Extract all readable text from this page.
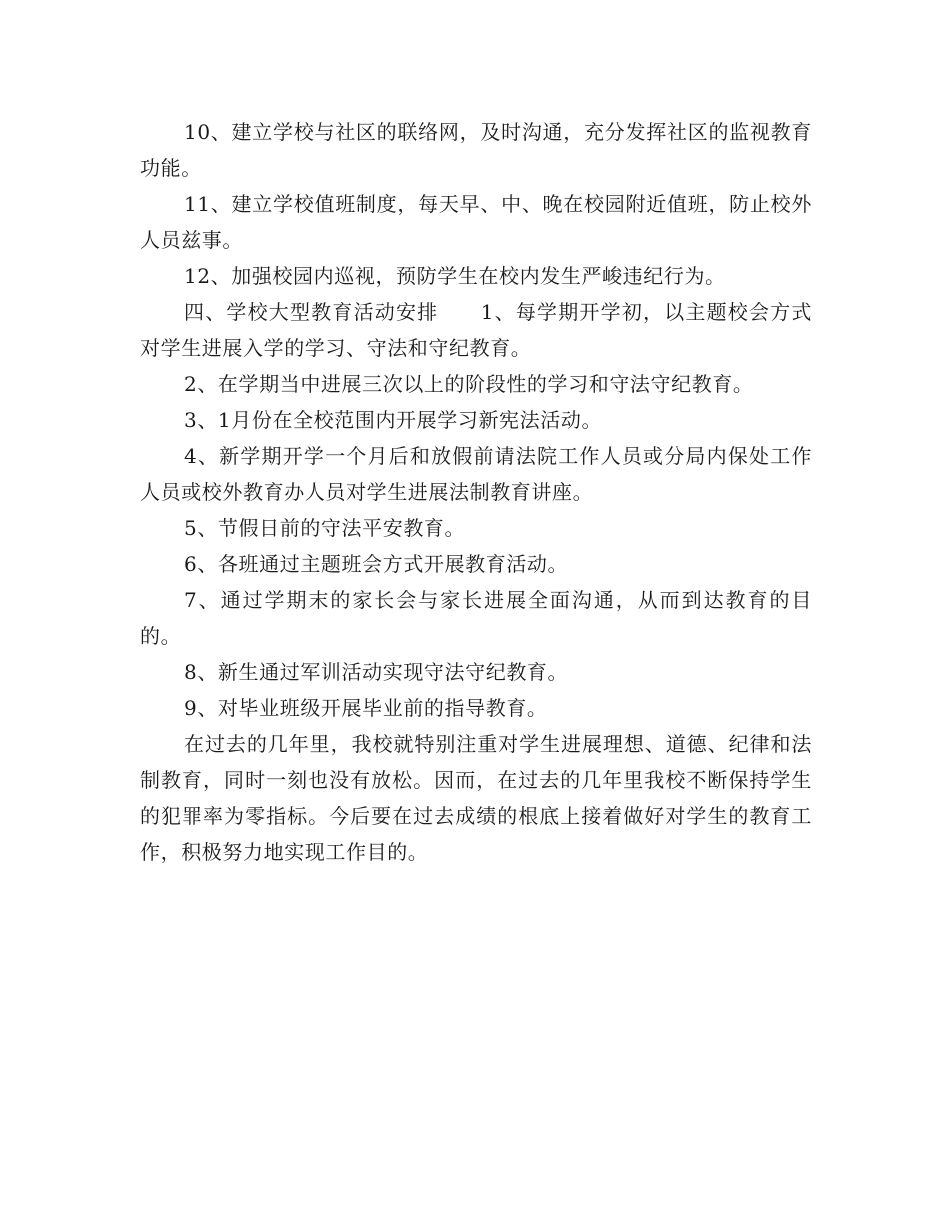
10、建立学校与社区的联络网，及时沟通，充分发挥社区的监视教育功能。

11、建立学校值班制度，每天早、中、晚在校园附近值班，防止校外人员兹事。

12、加强校园内巡视，预防学生在校内发生严峻违纪行为。

四、学校大型教育活动安排　　1、每学期开学初，以主题校会方式对学生进展入学的学习、守法和守纪教育。

2、在学期当中进展三次以上的阶段性的学习和守法守纪教育。

3、1月份在全校范围内开展学习新宪法活动。

4、新学期开学一个月后和放假前请法院工作人员或分局内保处工作人员或校外教育办人员对学生进展法制教育讲座。

5、节假日前的守法平安教育。

6、各班通过主题班会方式开展教育活动。

7、通过学期末的家长会与家长进展全面沟通，从而到达教育的目的。

8、新生通过军训活动实现守法守纪教育。

9、对毕业班级开展毕业前的指导教育。

在过去的几年里，我校就特别注重对学生进展理想、道德、纪律和法制教育，同时一刻也没有放松。因而，在过去的几年里我校不断保持学生的犯罪率为零指标。今后要在过去成绩的根底上接着做好对学生的教育工作，积极努力地实现工作目的。
